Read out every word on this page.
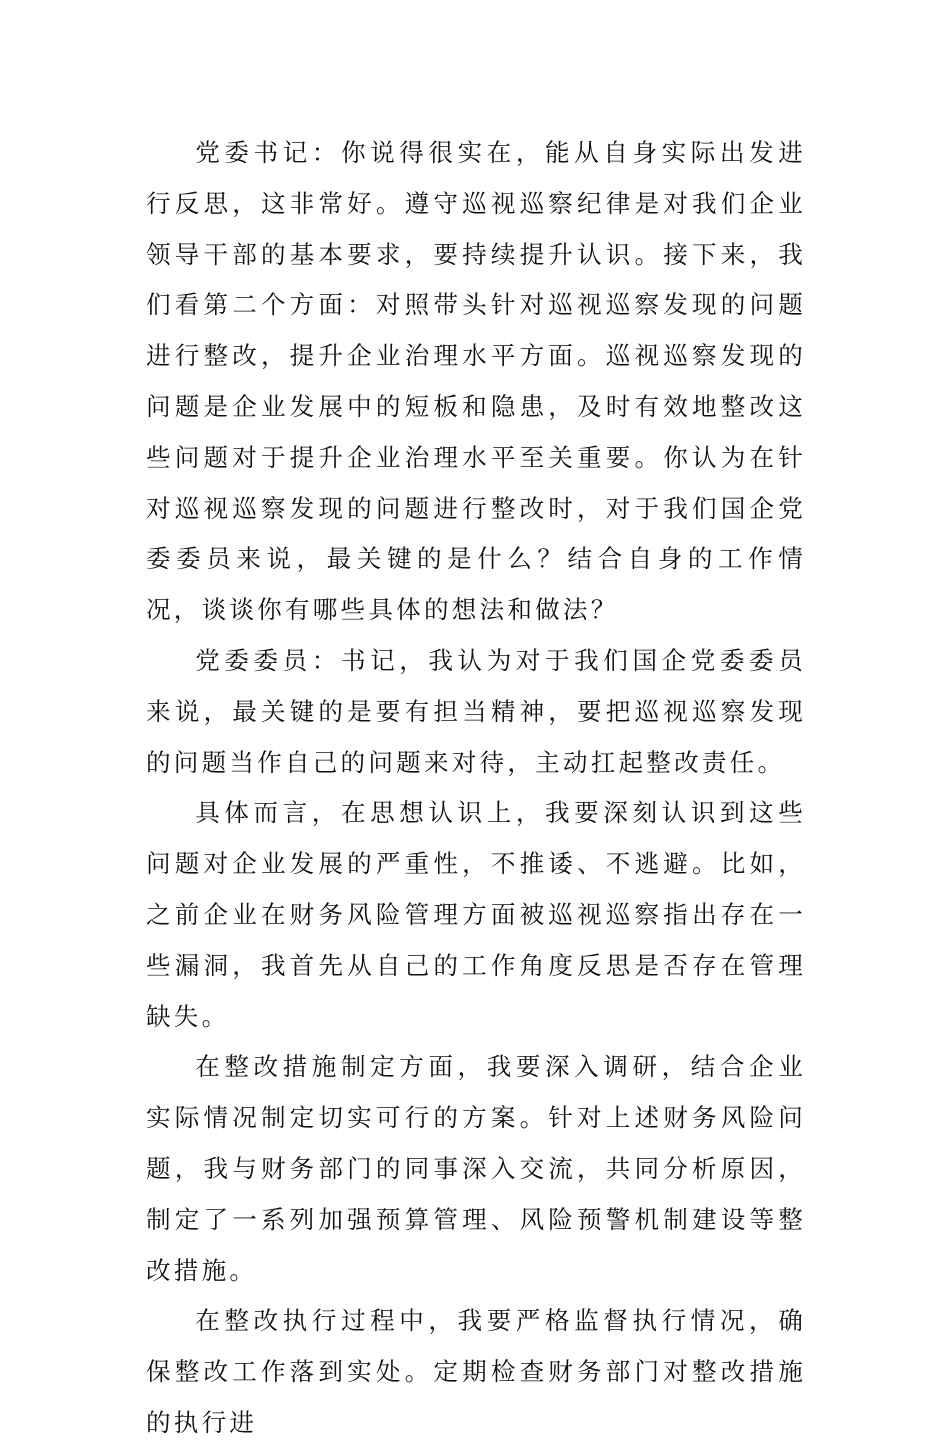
党委书记：你说得很实在，能从自身实际出发进行反思，这非常好。遵守巡视巡察纪律是对我们企业领导干部的基本要求，要持续提升认识。接下来，我们看第二个方面：对照带头针对巡视巡察发现的问题进行整改，提升企业治理水平方面。巡视巡察发现的问题是企业发展中的短板和隐患，及时有效地整改这些问题对于提升企业治理水平至关重要。你认为在针对巡视巡察发现的问题进行整改时，对于我们国企党委委员来说，最关键的是什么？结合自身的工作情况，谈谈你有哪些具体的想法和做法？

党委委员：书记，我认为对于我们国企党委委员来说，最关键的是要有担当精神，要把巡视巡察发现的问题当作自己的问题来对待，主动扛起整改责任。

具体而言，在思想认识上，我要深刻认识到这些问题对企业发展的严重性，不推诿、不逃避。比如，之前企业在财务风险管理方面被巡视巡察指出存在一些漏洞，我首先从自己的工作角度反思是否存在管理缺失。

在整改措施制定方面，我要深入调研，结合企业实际情况制定切实可行的方案。针对上述财务风险问题，我与财务部门的同事深入交流，共同分析原因，制定了一系列加强预算管理、风险预警机制建设等整改措施。

在整改执行过程中，我要严格监督执行情况，确保整改工作落到实处。定期检查财务部门对整改措施的执行进
